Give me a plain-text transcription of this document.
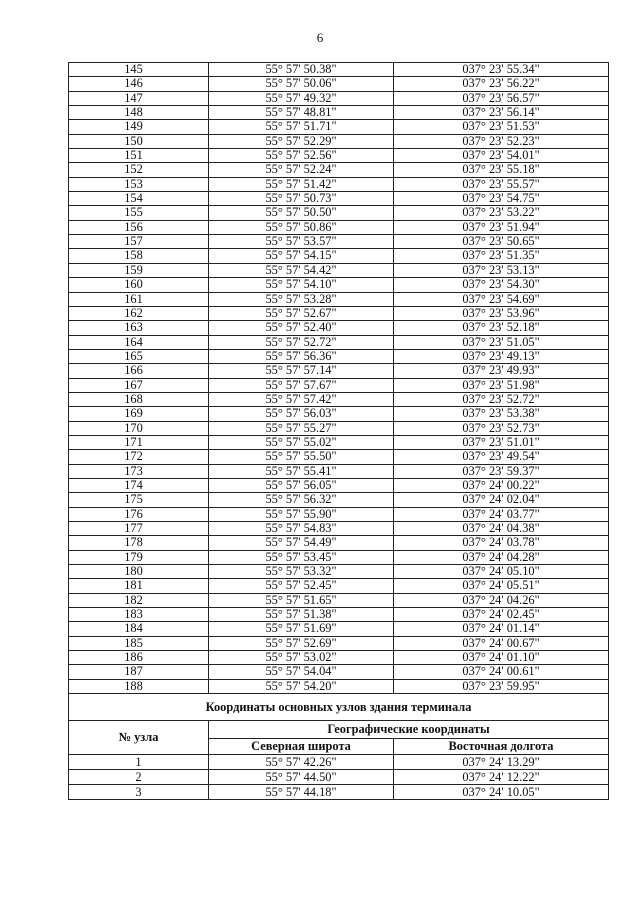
6
145	55° 57' 50.38"	037° 23' 55.34"
146	55° 57' 50.06"	037° 23' 56.22"
147	55° 57' 49.32"	037° 23' 56.57"
148	55° 57' 48.81"	037° 23' 56.14"
149	55° 57' 51.71"	037° 23' 51.53"
150	55° 57' 52.29"	037° 23' 52.23"
151	55° 57' 52.56"	037° 23' 54.01"
152	55° 57' 52.24"	037° 23' 55.18"
153	55° 57' 51.42"	037° 23' 55.57"
154	55° 57' 50.73"	037° 23' 54.75"
155	55° 57' 50.50"	037° 23' 53.22"
156	55° 57' 50.86"	037° 23' 51.94"
157	55° 57' 53.57"	037° 23' 50.65"
158	55° 57' 54.15"	037° 23' 51.35"
159	55° 57' 54.42"	037° 23' 53.13"
160	55° 57' 54.10"	037° 23' 54.30"
161	55° 57' 53.28"	037° 23' 54.69"
162	55° 57' 52.67"	037° 23' 53.96"
163	55° 57' 52.40"	037° 23' 52.18"
164	55° 57' 52.72"	037° 23' 51.05"
165	55° 57' 56.36"	037° 23' 49.13"
166	55° 57' 57.14"	037° 23' 49.93"
167	55° 57' 57.67"	037° 23' 51.98"
168	55° 57' 57.42"	037° 23' 52.72"
169	55° 57' 56.03"	037° 23' 53.38"
170	55° 57' 55.27"	037° 23' 52.73"
171	55° 57' 55.02"	037° 23' 51.01"
172	55° 57' 55.50"	037° 23' 49.54"
173	55° 57' 55.41"	037° 23' 59.37"
174	55° 57' 56.05"	037° 24' 00.22"
175	55° 57' 56.32"	037° 24' 02.04"
176	55° 57' 55.90"	037° 24' 03.77"
177	55° 57' 54.83"	037° 24' 04.38"
178	55° 57' 54.49"	037° 24' 03.78"
179	55° 57' 53.45"	037° 24' 04.28"
180	55° 57' 53.32"	037° 24' 05.10"
181	55° 57' 52.45"	037° 24' 05.51"
182	55° 57' 51.65"	037° 24' 04.26"
183	55° 57' 51.38"	037° 24' 02.45"
184	55° 57' 51.69"	037° 24' 01.14"
185	55° 57' 52.69"	037° 24' 00.67"
186	55° 57' 53.02"	037° 24' 01.10"
187	55° 57' 54.04"	037° 24' 00.61"
188	55° 57' 54.20"	037° 23' 59.95"
Координаты основных узлов здания терминала		
№ узла	Географические координаты	
	Северная широта	Восточная долгота
1	55° 57' 42.26"	037° 24' 13.29"
2	55° 57' 44.50"	037° 24' 12.22"
3	55° 57' 44.18"	037° 24' 10.05"
